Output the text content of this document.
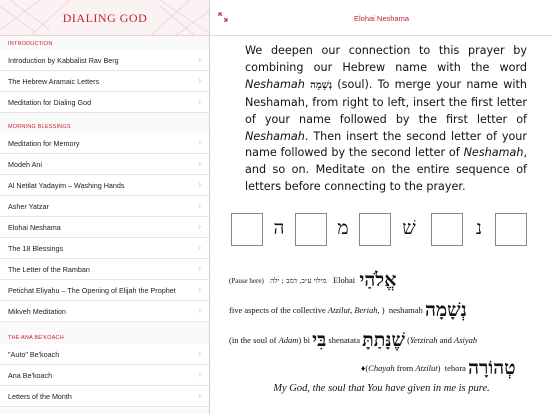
DIALING GOD
INTRODUCTION
Introduction by Kabbalist Rav Berg	›
The Hebrew Aramaic Letters	›
Meditation for Dialing God	›
MORNING BLESSINGS
Meditation for Memory	›
Modeh Ani	›
Al Netilat Yadayim – Washing Hands	›
Asher Yatzar	›
Elohai Neshama	›
The 18 Blessings	›
The Letter of the Ramban	›
Petichat Eliyahu – The Opening of Elijah the Prophet	›
Mikveh Meditation	›
THE ANA BE'KOACH
"Auto" Be'koach	›
Ana Be'koach	›
Letters of the Month	›
Elohai Neshama
We deepen our connection to this prayer by combining our Hebrew name with the word Neshamah נְשָׁמָה (soul). To merge your name with Neshamah, from right to left, insert the first letter of your name followed by the first letter of Neshamah. Then insert the second letter of your name followed by the second letter of Neshamah, and so on. Meditate on the entire sequence of letters before connecting to the prayer.
ה	מ	שׁ	נ
(Pause here) מילוי ע״ב, דמב ; ילה Elohai אֱלֹהַי
five aspects of the collective Atzilut, Beriah, ) neshamah נְשָׁמָה
(in the soul of Adam) bi בִּי shenatata שֶׁנָּתַתָּ (Yetzirah and Asiyah
♦(Chayah from Atzilut) tehora טְהוֹרָה
My God, the soul that You have given in me is pure.
